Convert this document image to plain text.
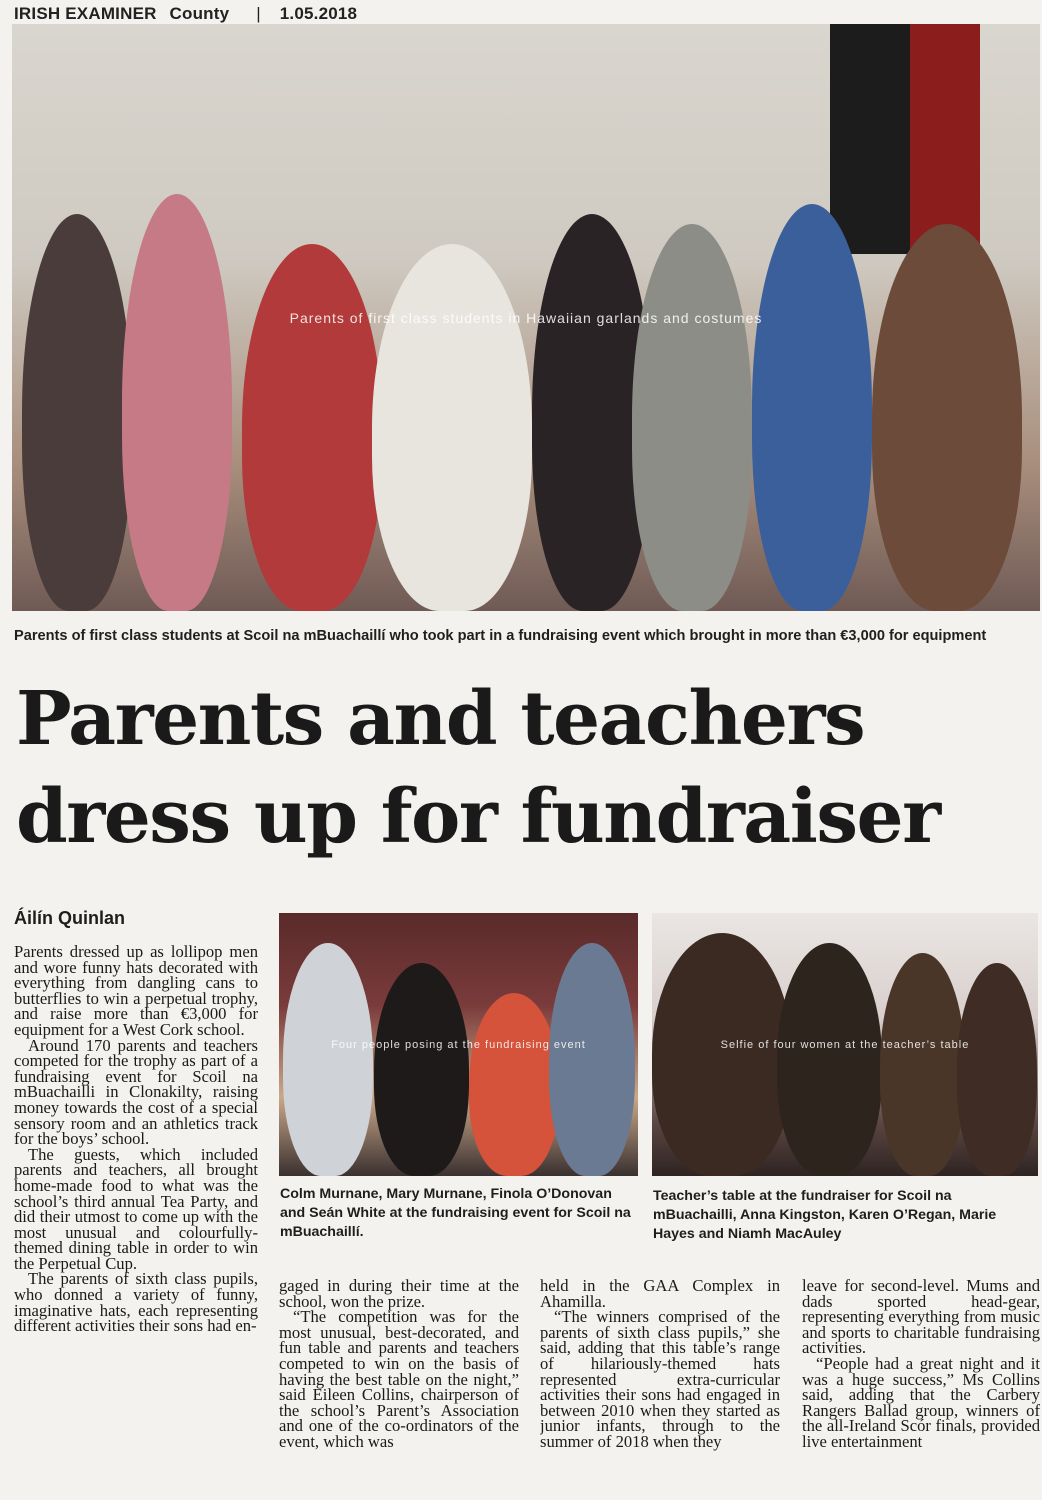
IRISH EXAMINER County | 1.05.2018
Parents of first class students in Hawaiian garlands and costumes
Parents of first class students at Scoil na mBuachaillí who took part in a fundraising event which brought in more than €3,000 for equipment
Parents and teachers
dress up for fundraiser
Áilín Quinlan

Parents dressed up as lollipop men and wore funny hats decorated with everything from dangling cans to butterflies to win a perpetual trophy, and raise more than €3,000 for equipment for a West Cork school.

Around 170 parents and teachers competed for the trophy as part of a fundraising event for Scoil na mBuachailli in Clonakilty, raising money towards the cost of a special sensory room and an athletics track for the boys’ school.

The guests, which included parents and teachers, all brought home-made food to what was the school’s third annual Tea Party, and did their utmost to come up with the most unusual and colourfully-themed dining table in order to win the Perpetual Cup.

The parents of sixth class pupils, who donned a variety of funny, imaginative hats, each representing different activities their sons had en-

Four people posing at the fundraising event
Colm Murnane, Mary Murnane, Finola O’Donovan and Seán White at the fundraising event for Scoil na mBuachaillí.
Selfie of four women at the teacher’s table
Teacher’s table at the fundraiser for Scoil na mBuachailli, Anna Kingston, Karen O’Regan, Marie Hayes and Niamh MacAuley

gaged in during their time at the school, won the prize.

“The competition was for the most unusual, best-decorated, and fun table and parents and teachers competed to win on the basis of having the best table on the night,” said Eileen Collins, chairperson of the school’s Parent’s Association and one of the co-ordinators of the event, which was

held in the GAA Complex in Ahamilla.

“The winners comprised of the parents of sixth class pupils,” she said, adding that this table’s range of hilariously-themed hats represented extra-curricular activities their sons had engaged in between 2010 when they started as junior infants, through to the summer of 2018 when they

leave for second-level. Mums and dads sported head-gear, representing everything from music and sports to charitable fundraising activities.

“People had a great night and it was a huge success,” Ms Collins said, adding that the Carbery Rangers Ballad group, winners of the all-Ireland Scór finals, provided live entertainment
